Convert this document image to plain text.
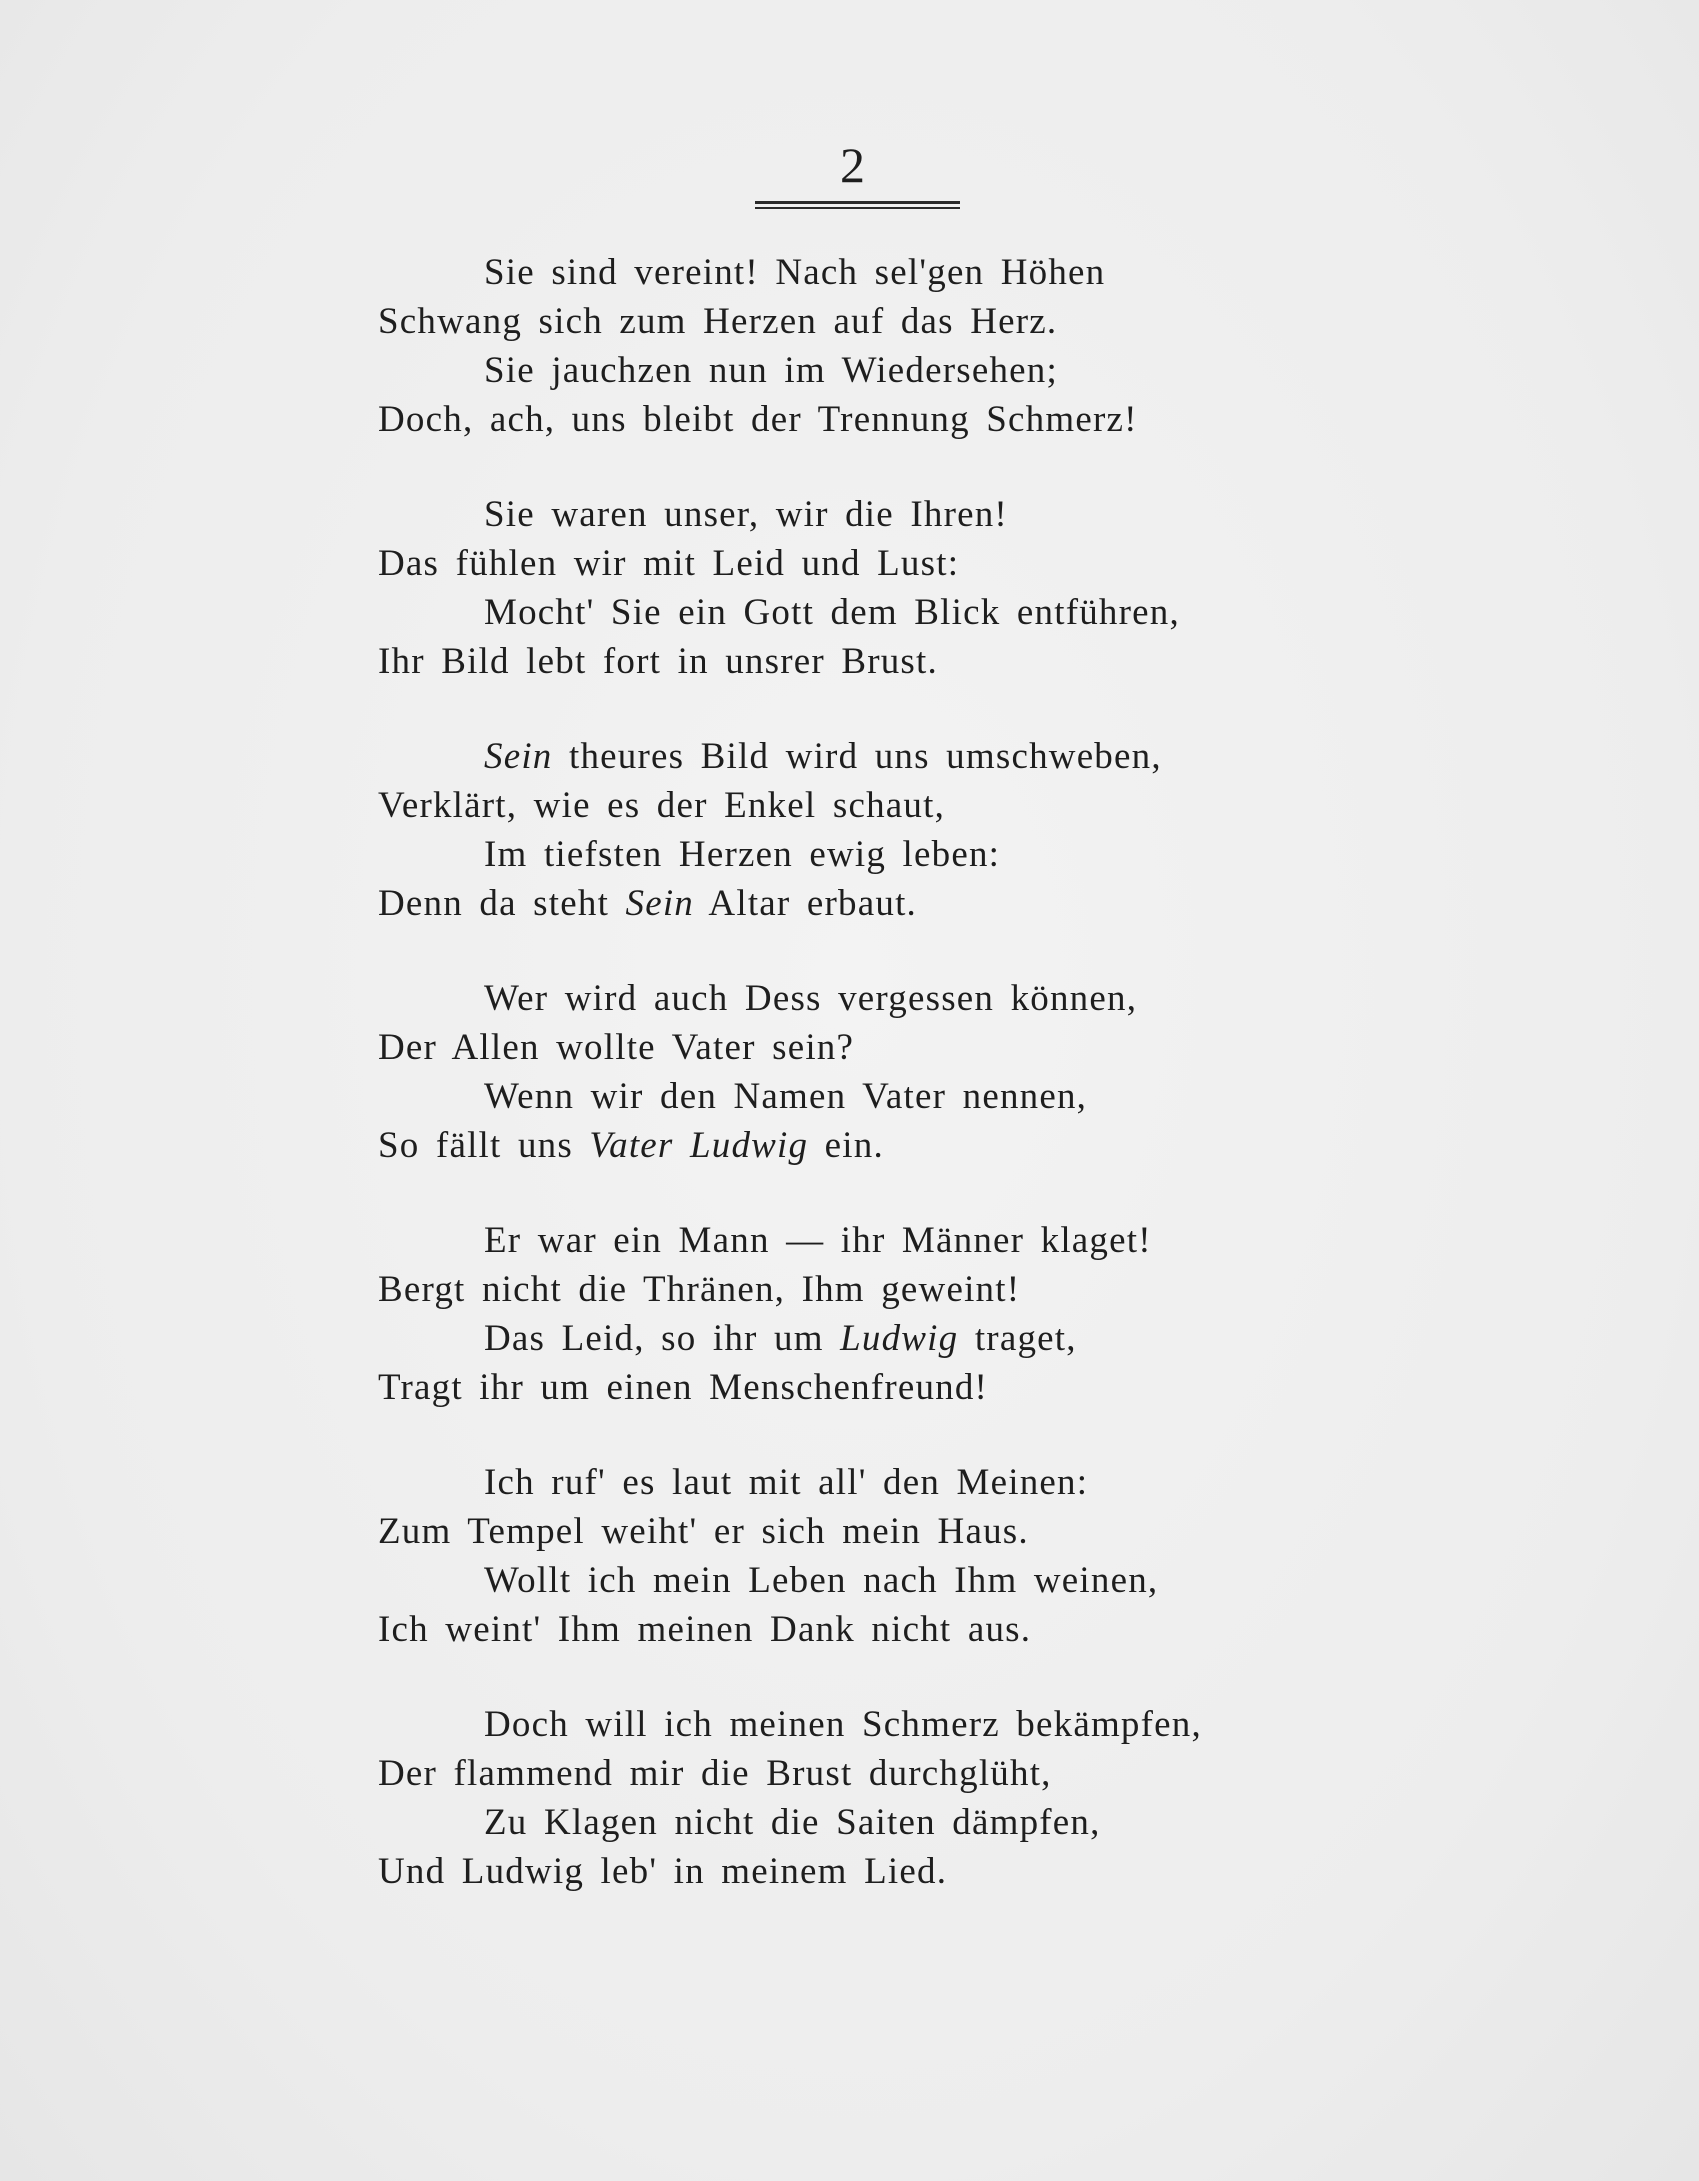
2
Sie sind vereint! Nach sel'gen Höhen
Schwang sich zum Herzen auf das Herz.
Sie jauchzen nun im Wiedersehen;
Doch, ach, uns bleibt der Trennung Schmerz!
Sie waren unser, wir die Ihren!
Das fühlen wir mit Leid und Lust:
Mocht' Sie ein Gott dem Blick entführen,
Ihr Bild lebt fort in unsrer Brust.
Sein theures Bild wird uns umschweben,
Verklärt, wie es der Enkel schaut,
Im tiefsten Herzen ewig leben:
Denn da steht Sein Altar erbaut.
Wer wird auch Dess vergessen können,
Der Allen wollte Vater sein?
Wenn wir den Namen Vater nennen,
So fällt uns Vater Ludwig ein.
Er war ein Mann — ihr Männer klaget!
Bergt nicht die Thränen, Ihm geweint!
Das Leid, so ihr um Ludwig traget,
Tragt ihr um einen Menschenfreund!
Ich ruf' es laut mit all' den Meinen:
Zum Tempel weiht' er sich mein Haus.
Wollt ich mein Leben nach Ihm weinen,
Ich weint' Ihm meinen Dank nicht aus.
Doch will ich meinen Schmerz bekämpfen,
Der flammend mir die Brust durchglüht,
Zu Klagen nicht die Saiten dämpfen,
Und Ludwig leb' in meinem Lied.
